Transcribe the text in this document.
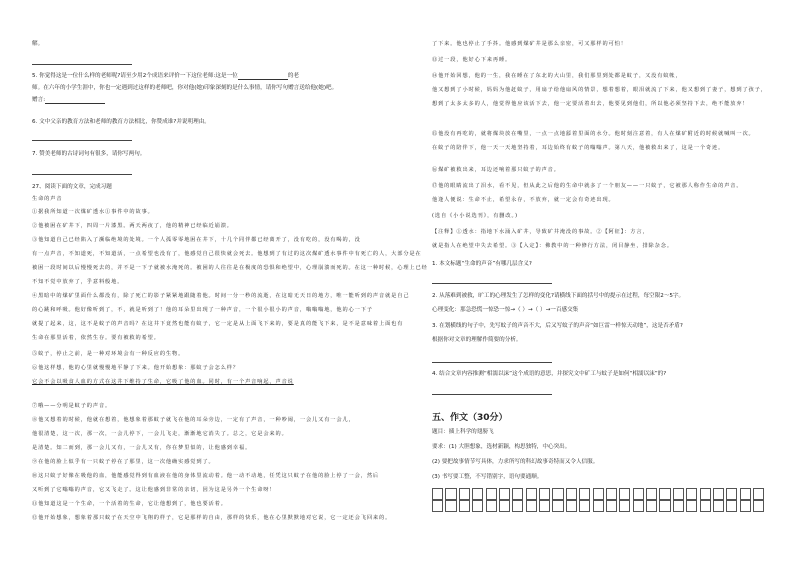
解。
5. 你觉得这是一位什么样的老师呢?请至少用2个成语来评价一下这位老师:这是一位	的老
师。在六年的小学生涯中，你也一定遇到过这样的老师吧，你对他(她)印象深刻的是什么事情，请你写句赠言送给他(她)吧。
赠言:
6. 文中父亲的教育方法和老师的教育方法相比，你赞成谁?并说明理由。
7. 赞美老师的古诗词句有很多，请你写两句。
27、阅读下面的文章，完成习题
生命的声音
①据我所知道一次煤矿透水①事件中的故事。
②他被困在矿井下，四周一片漆黑。两天两夜了，他的精神已经临近崩溃。
③他知道自己已经陷入了濒临绝境的处境。一个人孤零零地困在井下，十几个同伴都已经离开了，没有吃的，没有喝的，没
有一点声音，不知道死，不知道活，一点希望也没有了，他感觉自己很快就会死去。他想到了有过的这次煤矿透水事件中有死亡的人，大部分是在
被困一段时间以后慢慢死去的，并不是一下子就被水淹死的。被困的人往往是在极度的恐惧和绝望中，心理崩溃而死的。在这一种时候，心理上已经
不知不觉中放弃了，乎意料般地。
④黑暗中的煤矿里面什么都没有，除了死亡的影子紧紧地跟随着他。时间一分一秒的流逝，在这暗无天日的地方，唯一能听到的声音就是自己
的心跳和呼吸。他好像听到了，不，就是听到了！他的耳朵里出现了一种声音，一个很小很小的声音，嗡嗡嗡地，他的心一下子
就提了起来，这，这不是蚊子的声音吗？在这井下竟然也能有蚊子，它一定是从上面飞下来的，要是真的能飞下来，是不是意味着上面也有
生命在那里活着，依然生存。要有被救的希望。
⑤蚊子，停止之前，是一种对环境会有一种反应的生物。
⑥他这样想，他的心里就慢慢地平静了下来。他开始想象：那蚊子会怎么样？
它会不会以吸食人血的方式在这井下维持了生命，它吸了他的血。同时，有一个声音响起，声音说
⑦哦——分明是蚊子的声音。
⑧他又想着的时候，他就在想着，他想象着那蚊子就飞在他的耳朵旁边，一定有了声音，一种吵闹，一会儿又有一会儿，
他很清楚，这一次，那一次，一会儿停下，一会儿飞走，渐渐地它消失了。总之，它是会来的。
是清楚。知二而到，那一会儿又有，一会儿又有，你在梦里似的，让他感到幸福。
⑨在他的脸上似乎有一只蚊子停在了那里，这一次他确实感觉到了。
⑩这只蚊子好像在吸他的血，他能感觉得到有血液在他的身体里流动着。他一动不动地，任凭这只蚊子在他的脸上停了一会，然后
又听到了它嗡嗡的声音，它又飞走了。这让他感到非常的亲切，因为这是另外一个生命呀！
⑪他知道这是一个生命，一个活着的生命，它让他想到了，他也要活着。
⑫他开始想象，想象着那只蚊子在天空中飞翔的样子，它是那样的自由，那样的快乐，他在心里默默地对它说，它一定还会飞回来的。
了下来。他也停止了手抖。他感到煤矿井是那么亲密，可又那样的可怕！
⑬过一段，他好心下来再睡。
⑭他开始回想，他的一生，我在睡在了东北的大山里，我们那里到处都是蚊子，又没有蚊帐，
他又想到了小时候，妈妈为他赶蚊子，用扇子给他扇风的情景，想着想着，眼泪就流了下来，他又想到了妻子，想到了孩子，
想到了太多太多的人，他觉得他应该活下去，他一定要活着出去，他要见到他们，所以他必须坚持下去，绝不能放弃！
⑮他没有再吃的，就将煤块放在嘴里，一点一点地舔着里面的水分。他时刻注意着，有人在煤矿附近的时候就喊叫一次。
在蚊子的陪伴下，他一天一天地坚持着，耳边始终有蚊子的嗡嗡声。第八天，他被救出来了，这是一个奇迹。
⑯煤矿被救出来，耳边还响着那只蚊子的声音。
⑰他的眼睛流出了泪水，看不见，但从此之后他的生命中就多了一个朋友——一只蚊子，它被那人称作生命的声音。
他逢人便说：生命不止，希望永存，不放弃，就一定会有奇迹出现。
(选自《小小说选刊》，有删改。)
【注释】①透水：指地下水涌入矿井，导致矿井淹没的事故。②【阿征】：方言，
就是指人在绝望中失去希望。③【入定】：佛教中的一种修行方法，闭目静坐，排除杂念。
1. 本文标题“生命的声音”有哪几层含义?
2. 从落难到被救，旷工的心理发生了怎样的变化?请横线下面的括号中的提示在过程，每空限2～5字。
心理变化：那急恐慌一惊恐一惊→（ ）→（ ）→一百感交集
3. 在划横线的句子中，先写蚊子的声音不大，后又写蚊子的声音“如巨雷一样惊天动地”，这是否矛盾?
根据你对文章的理解作简要的分析。
4. 结合文章内容推测“相濡以沫”这个成语的意思，并探究文中矿工与蚊子是如何“相濡以沫”的?
五、作文（30分）
题目：插上科学的翅膀飞
要求：(1) 大胆想象，选材新颖，构思独特，中心突出。
(2) 要把故事情节写具体，力求所写的科幻故事奇特而又令人信服。
(3) 书写要工整，不写错别字，语句要通顺。
